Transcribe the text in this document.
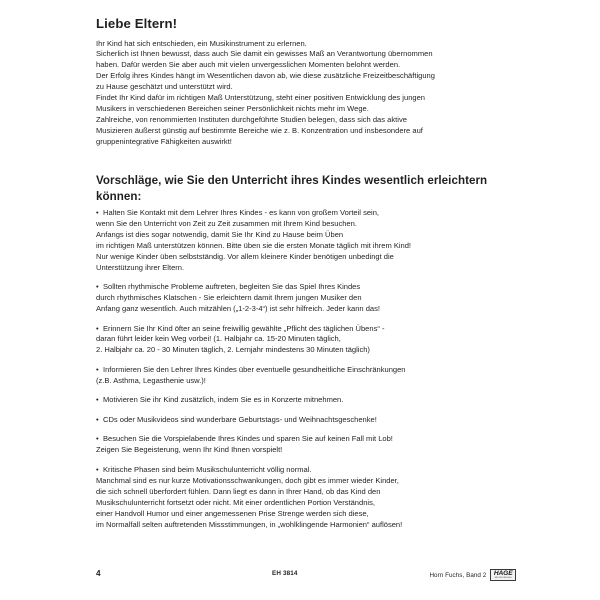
Liebe Eltern!

Ihr Kind hat sich entschieden, ein Musikinstrument zu erlernen.
Sicherlich ist Ihnen bewusst, dass auch Sie damit ein gewisses Maß an Verantwortung übernommen
haben. Dafür werden Sie aber auch mit vielen unvergesslichen Momenten belohnt werden.
Der Erfolg ihres Kindes hängt im Wesentlichen davon ab, wie diese zusätzliche Freizeitbeschäftigung
zu Hause geschätzt und unterstützt wird.
Findet Ihr Kind dafür im richtigen Maß Unterstützung, steht einer positiven Entwicklung des jungen
Musikers in verschiedenen Bereichen seiner Persönlichkeit nichts mehr im Wege.
Zahlreiche, von renommierten Instituten durchgeführte Studien belegen, dass sich das aktive
Musizieren äußerst günstig auf bestimmte Bereiche wie z. B. Konzentration und insbesondere auf
gruppenintegrative Fähigkeiten auswirkt!

Vorschläge, wie Sie den Unterricht ihres Kindes wesentlich erleichtern können:

• Halten Sie Kontakt mit dem Lehrer Ihres Kindes - es kann von großem Vorteil sein,
wenn Sie den Unterricht von Zeit zu Zeit zusammen mit Ihrem Kind besuchen.
Anfangs ist dies sogar notwendig, damit Sie Ihr Kind zu Hause beim Üben
im richtigen Maß unterstützen können. Bitte üben sie die ersten Monate täglich mit ihrem Kind!
Nur wenige Kinder üben selbstständig. Vor allem kleinere Kinder benötigen unbedingt die
Unterstützung ihrer Eltern.

• Sollten rhythmische Probleme auftreten, begleiten Sie das Spiel Ihres Kindes
durch rhythmisches Klatschen - Sie erleichtern damit Ihrem jungen Musiker den
Anfang ganz wesentlich. Auch mitzählen („1-2-3-4“) ist sehr hilfreich. Jeder kann das!

• Erinnern Sie Ihr Kind öfter an seine freiwillig gewählte „Pflicht des täglichen Übens“ -
daran führt leider kein Weg vorbei! (1. Halbjahr ca. 15-20 Minuten täglich,
2. Halbjahr ca. 20 - 30 Minuten täglich, 2. Lernjahr mindestens 30 Minuten täglich)

• Informieren Sie den Lehrer Ihres Kindes über eventuelle gesundheitliche Einschränkungen
(z.B. Asthma, Legasthenie usw.)!

• Motivieren Sie ihr Kind zusätzlich, indem Sie es in Konzerte mitnehmen.

• CDs oder Musikvideos sind wunderbare Geburtstags- und Weihnachtsgeschenke!

• Besuchen Sie die Vorspielabende Ihres Kindes und sparen Sie auf keinen Fall mit Lob!
Zeigen Sie Begeisterung, wenn Ihr Kind Ihnen vorspielt!

• Kritische Phasen sind beim Musikschulunterricht völlig normal.
Manchmal sind es nur kurze Motivationsschwankungen, doch gibt es immer wieder Kinder,
die sich schnell überfordert fühlen. Dann liegt es dann in Ihrer Hand, ob das Kind den
Musikschulunterricht fortsetzt oder nicht. Mit einer ordentlichen Portion Verständnis,
einer Handvoll Humor und einer angemessenen Prise Strenge werden sich diese,
im Normalfall selten auftretenden Missstimmungen, in „wohlklingende Harmonien“ auflösen!

4	EH 3814	Horn Fuchs, Band 2 HAGE
MUSIKVERLAG
